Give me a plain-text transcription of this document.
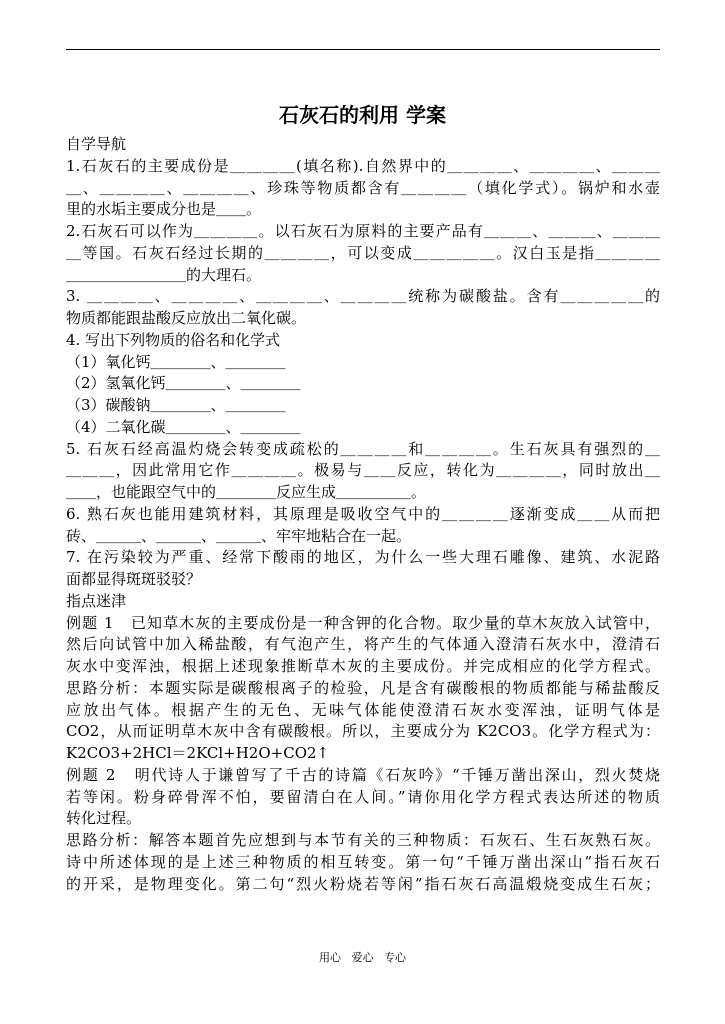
石灰石的利用 学案
自学导航
1.石灰石的主要成份是＿＿＿＿(填名称).自然界中的＿＿＿＿、＿＿＿＿、＿＿＿
＿、＿＿＿＿、＿＿＿＿、珍珠等物质都含有＿＿＿＿（填化学式）。锅炉和水壶
里的水垢主要成分也是＿＿。
2.石灰石可以作为＿＿＿＿。以石灰石为原料的主要产品有＿＿＿、＿＿＿、＿＿＿
＿等国。石灰石经过长期的＿＿＿＿，可以变成＿＿＿＿＿。汉白玉是指＿＿＿＿
＿＿＿＿＿＿＿＿的大理石。
3. ＿＿＿＿、＿＿＿＿、＿＿＿＿、＿＿＿＿统称为碳酸盐。含有＿＿＿＿＿的
物质都能跟盐酸反应放出二氧化碳。
4. 写出下列物质的俗名和化学式
（1）氧化钙＿＿＿＿、＿＿＿＿
（2）氢氧化钙＿＿＿＿、＿＿＿＿
（3）碳酸钠＿＿＿＿、＿＿＿＿
（4）二氧化碳＿＿＿＿、＿＿＿＿
5. 石灰石经高温灼烧会转变成疏松的＿＿＿＿和＿＿＿＿。生石灰具有强烈的＿
＿＿＿，因此常用它作＿＿＿＿。极易与＿＿反应，转化为＿＿＿＿，同时放出＿
＿＿，也能跟空气中的＿＿＿＿反应生成＿＿＿＿＿。
6. 熟石灰也能用建筑材料，其原理是吸收空气中的＿＿＿＿逐渐变成＿＿从而把
砖、＿＿＿、＿＿＿、＿＿＿、牢牢地粘合在一起。
7. 在污染较为严重、经常下酸雨的地区，为什么一些大理石雕像、建筑、水泥路
面都显得斑斑驳驳？
指点迷津
例题 1   已知草木灰的主要成份是一种含钾的化合物。取少量的草木灰放入试管中，
然后向试管中加入稀盐酸，有气泡产生，将产生的气体通入澄清石灰水中，澄清石
灰水中变浑浊，根据上述现象推断草木灰的主要成份。并完成相应的化学方程式。
思路分析：本题实际是碳酸根离子的检验，凡是含有碳酸根的物质都能与稀盐酸反
应放出气体。根据产生的无色、无味气体能使澄清石灰水变浑浊，证明气体是
CO2，从而证明草木灰中含有碳酸根。所以，主要成分为 K2CO3。化学方程式为：
K2CO3+2HCl＝2KCl+H2O+CO2↑
例题 2   明代诗人于谦曾写了千古的诗篇《石灰吟》“千锤万凿出深山，烈火焚烧
若等闲。粉身碎骨浑不怕，要留清白在人间。”请你用化学方程式表达所述的物质
转化过程。
思路分析：解答本题首先应想到与本节有关的三种物质：石灰石、生石灰熟石灰。
诗中所述体现的是上述三种物质的相互转变。第一句“千锤万凿出深山”指石灰石
的开采，是物理变化。第二句“烈火粉烧若等闲”指石灰石高温煅烧变成生石灰；
用心   爱心   专心
